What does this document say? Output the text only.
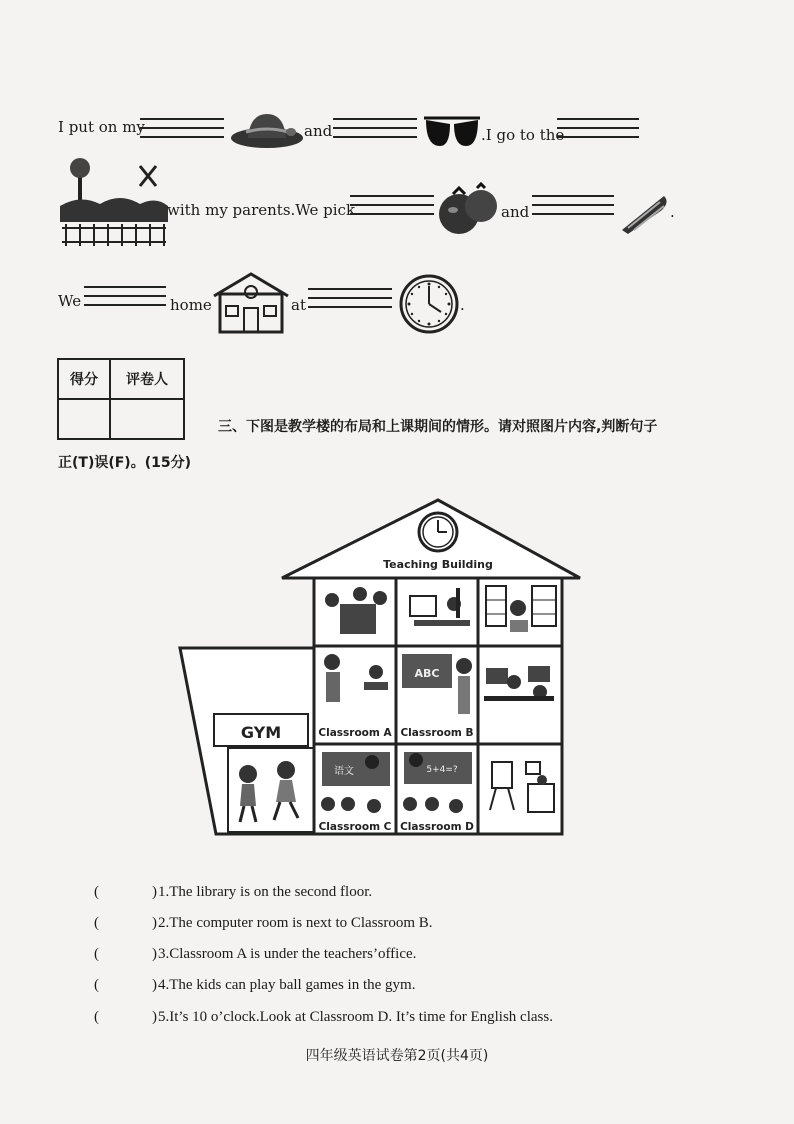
I put on my	and	.I go to the
with my parents.We pick	and	.
We	home	at	.
得分	评卷人

三、下图是教学楼的布局和上课期间的情形。请对照图片内容,判断句子
正(T)误(F)。(15分)
Teaching Building
GYM	Classroom A
ABC
Classroom B
语文
Classroom C
5+4=?
Classroom D
(	) 1.The library is on the second floor.
(	) 2.The computer room is next to Classroom B.
(	) 3.Classroom A is under the teachers’office.
(	) 4.The kids can play ball games in the gym.
(	) 5.It’s 10 o’clock.Look at Classroom D. It’s time for English class.
四年级英语试卷第2页(共4页)
